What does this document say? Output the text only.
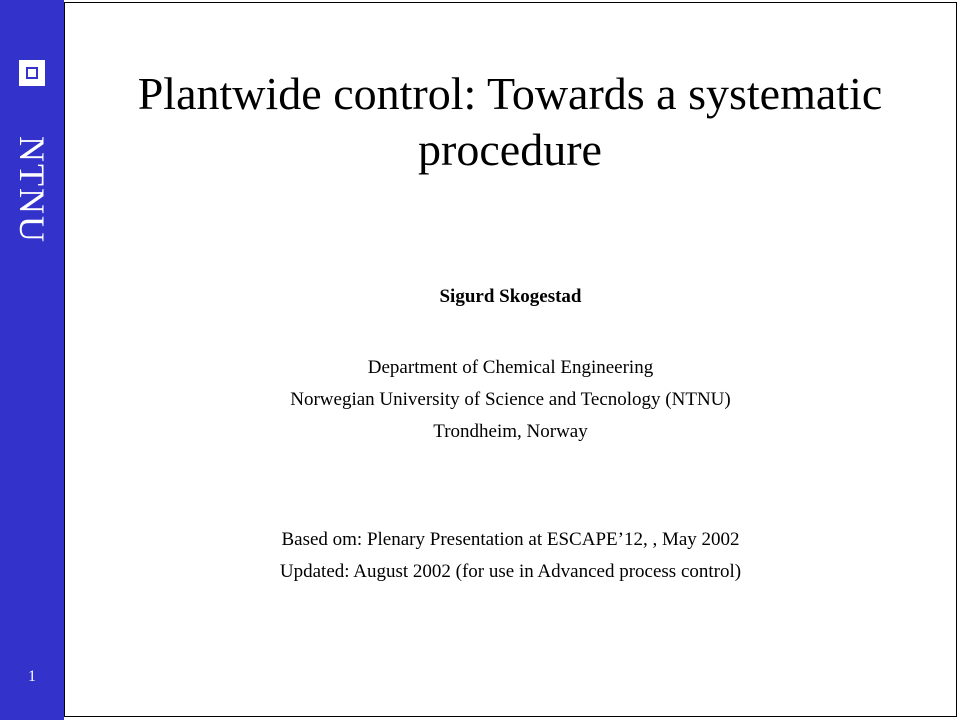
NTNU
1
Plantwide control: Towards a systematic procedure
Sigurd Skogestad
Department of Chemical Engineering
Norwegian University of Science and Tecnology (NTNU)
Trondheim, Norway
Based om: Plenary Presentation at ESCAPE’12, , May 2002
Updated: August 2002 (for use in Advanced process control)
